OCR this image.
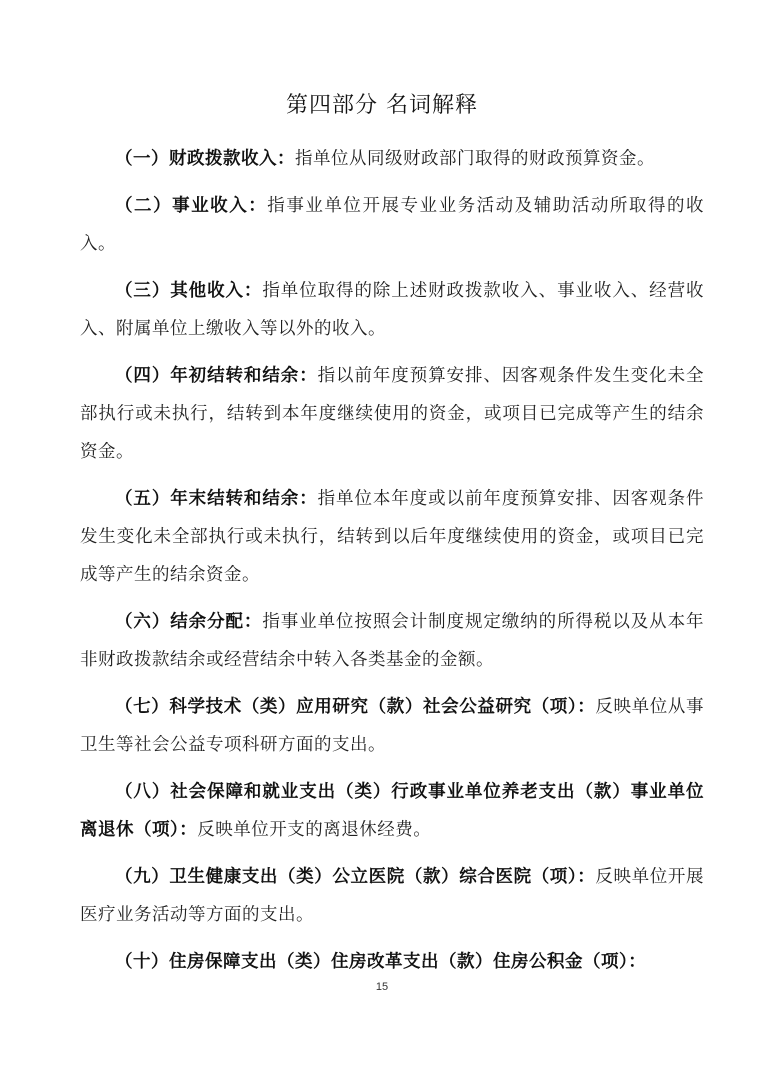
第四部分 名词解释

（一）财政拨款收入：指单位从同级财政部门取得的财政预算资金。

（二）事业收入：指事业单位开展专业业务活动及辅助活动所取得的收入。

（三）其他收入：指单位取得的除上述财政拨款收入、事业收入、经营收入、附属单位上缴收入等以外的收入。

（四）年初结转和结余：指以前年度预算安排、因客观条件发生变化未全部执行或未执行，结转到本年度继续使用的资金，或项目已完成等产生的结余资金。

（五）年末结转和结余：指单位本年度或以前年度预算安排、因客观条件发生变化未全部执行或未执行，结转到以后年度继续使用的资金，或项目已完成等产生的结余资金。

（六）结余分配：指事业单位按照会计制度规定缴纳的所得税以及从本年非财政拨款结余或经营结余中转入各类基金的金额。

（七）科学技术（类）应用研究（款）社会公益研究（项）：反映单位从事卫生等社会公益专项科研方面的支出。

（八）社会保障和就业支出（类）行政事业单位养老支出（款）事业单位离退休（项）：反映单位开支的离退休经费。

（九）卫生健康支出（类）公立医院（款）综合医院（项）：反映单位开展医疗业务活动等方面的支出。

（十）住房保障支出（类）住房改革支出（款）住房公积金（项）：

15
